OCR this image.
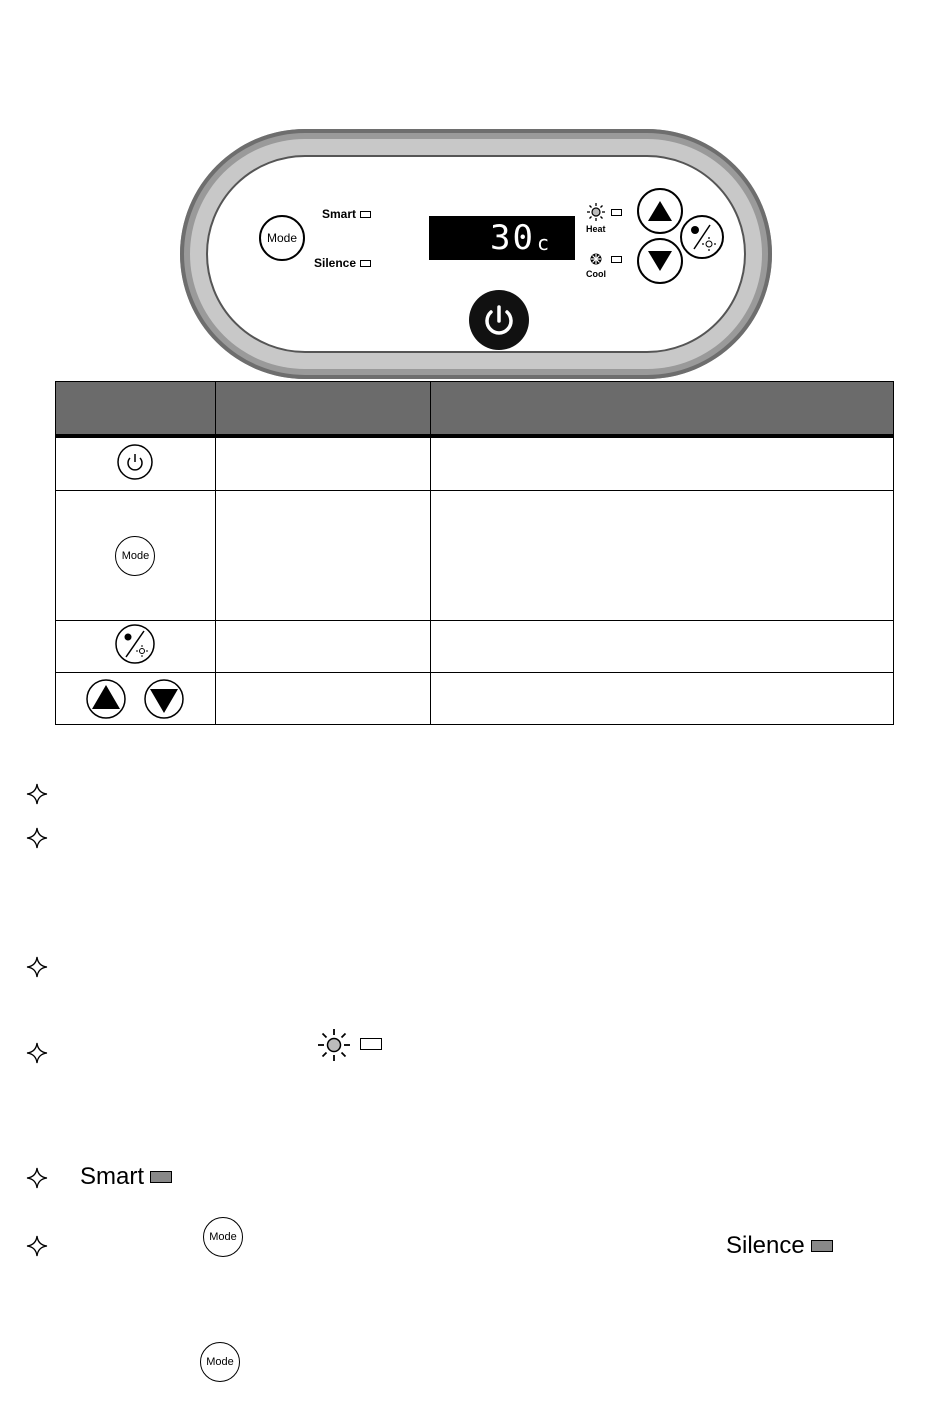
Mode
Smart
Silence
30 c
Heat
Cool

Mode		

Smart
Mode	Silence
Mode
